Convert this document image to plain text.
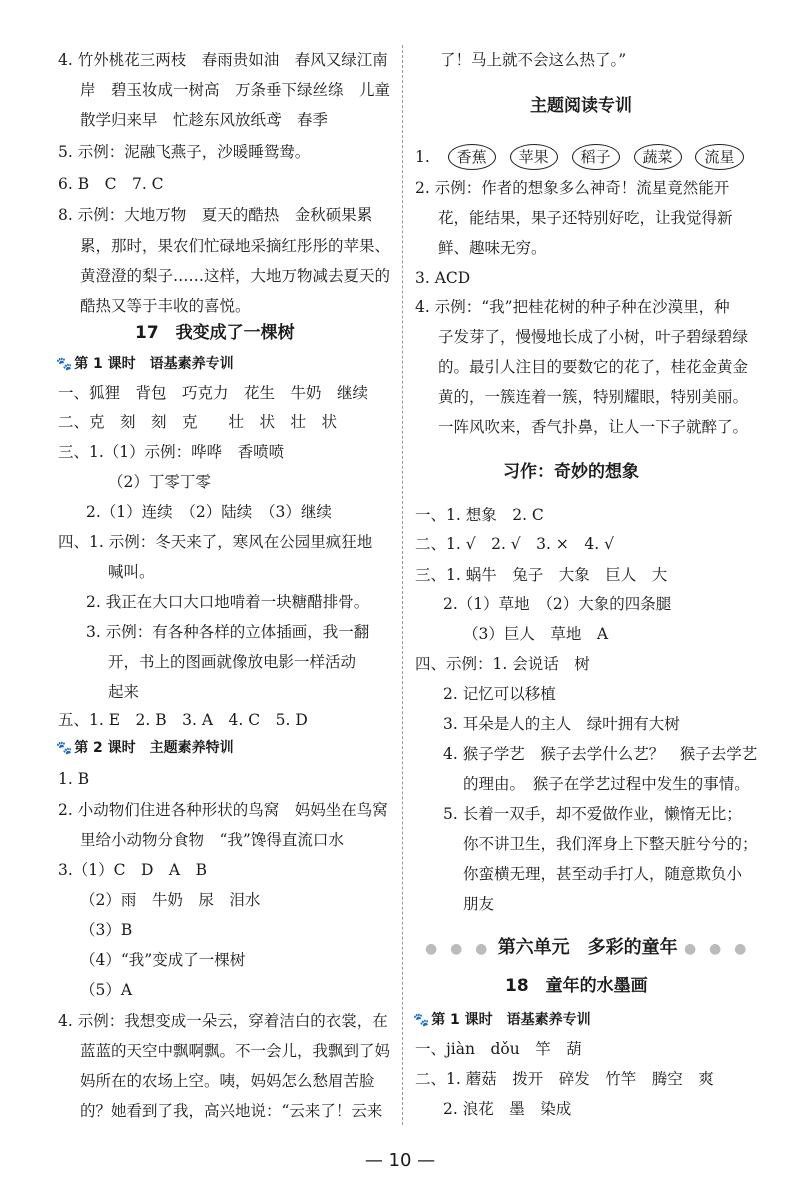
4. 竹外桃花三两枝　春雨贵如油　春风又绿江南
岸　碧玉妆成一树高　万条垂下绿丝绦　儿童
散学归来早　忙趁东风放纸鸢　春季
5. 示例：泥融飞燕子，沙暖睡鸳鸯。
6. B　C　7. C
8. 示例：大地万物　夏天的酷热　金秋硕果累
累，那时，果农们忙碌地采摘红彤彤的苹果、
黄澄澄的梨子……这样，大地万物减去夏天的
酷热又等于丰收的喜悦。
17　我变成了一棵树
🐾 第 1 课时　语基素养专训
一、狐狸　背包　巧克力　花生　牛奶　继续
二、克　刻　刻　克　　壮　状　壮　状
三、1.（1）示例：哗哗　香喷喷
（2）丁零丁零
2.（1）连续　（2）陆续　（3）继续
四、1. 示例：冬天来了，寒风在公园里疯狂地
喊叫。
2. 我正在大口大口地啃着一块糖醋排骨。
3. 示例：有各种各样的立体插画，我一翻
开，书上的图画就像放电影一样活动
起来
五、1. E　2. B　3. A　4. C　5. D
🐾 第 2 课时　主题素养特训
1. B
2. 小动物们住进各种形状的鸟窝　妈妈坐在鸟窝
里给小动物分食物　“我”馋得直流口水
3.（1）C　D　A　B
（2）雨　牛奶　尿　泪水
（3）B
（4）“我”变成了一棵树
（5）A
4. 示例：我想变成一朵云，穿着洁白的衣裳，在
蓝蓝的天空中飘啊飘。不一会儿，我飘到了妈
妈所在的农场上空。咦，妈妈怎么愁眉苦脸
的？她看到了我，高兴地说：“云来了！云来
了！马上就不会这么热了。”
主题阅读专训
1. 香蕉 苹果 稻子 蔬菜 流星
2. 示例：作者的想象多么神奇！流星竟然能开
花，能结果，果子还特别好吃，让我觉得新
鲜、趣味无穷。
3. ACD
4. 示例：“我”把桂花树的种子种在沙漠里，种
子发芽了，慢慢地长成了小树，叶子碧绿碧绿
的。最引人注目的要数它的花了，桂花金黄金
黄的，一簇连着一簇，特别耀眼，特别美丽。
一阵风吹来，香气扑鼻，让人一下子就醉了。
习作：奇妙的想象
一、1. 想象　2. C
二、1. √　2. √　3. ×　4. √
三、1. 蜗牛　兔子　大象　巨人　大
2.（1）草地　（2）大象的四条腿
（3）巨人　草地　A
四、示例：1. 会说话　树
2. 记忆可以移植
3. 耳朵是人的主人　绿叶拥有大树
4. 猴子学艺　猴子去学什么艺？　猴子去学艺
的理由。　猴子在学艺过程中发生的事情。
5. 长着一双手，却不爱做作业，懒惰无比；
你不讲卫生，我们浑身上下整天脏兮兮的；
你蛮横无理，甚至动手打人，随意欺负小
朋友
● ● ● 第六单元　多彩的童年 ● ● ●
18　童年的水墨画
🐾 第 1 课时　语基素养专训
一、jiàn　dǒu　竿　葫
二、1. 蘑菇　拨开　碎发　竹竿　腾空　爽
2. 浪花　墨　染成
— 10 —
